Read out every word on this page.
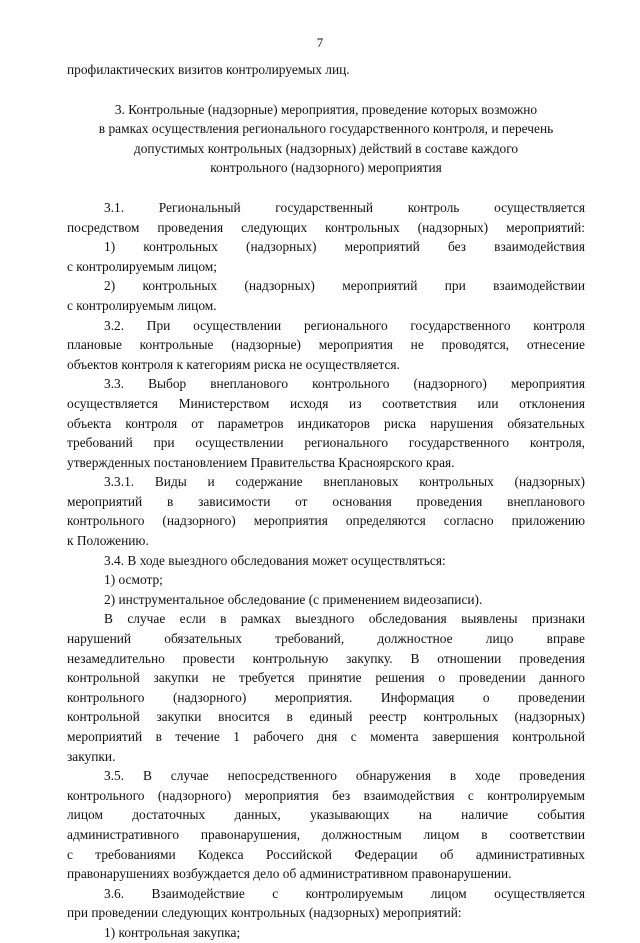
7

профилактических визитов контролируемых лиц.

3. Контрольные (надзорные) мероприятия, проведение которых возможно

в рамках осуществления регионального государственного контроля, и перечень

допустимых контрольных (надзорных) действий в составе каждого

контрольного (надзорного) мероприятия

3.1. Региональный государственный контроль осуществляется

посредством проведения следующих контрольных (надзорных) мероприятий:

1) контрольных (надзорных) мероприятий без взаимодействия

с контролируемым лицом;

2) контрольных (надзорных) мероприятий при взаимодействии

с контролируемым лицом.

3.2. При осуществлении регионального государственного контроля

плановые контрольные (надзорные) мероприятия не проводятся, отнесение

объектов контроля к категориям риска не осуществляется.

3.3. Выбор внепланового контрольного (надзорного) мероприятия

осуществляется Министерством исходя из соответствия или отклонения

объекта контроля от параметров индикаторов риска нарушения обязательных

требований при осуществлении регионального государственного контроля,

утвержденных постановлением Правительства Красноярского края.

3.3.1. Виды и содержание внеплановых контрольных (надзорных)

мероприятий в зависимости от основания проведения внепланового

контрольного (надзорного) мероприятия определяются согласно приложению

к Положению.

3.4. В ходе выездного обследования может осуществляться:

1) осмотр;

2) инструментальное обследование (с применением видеозаписи).

В случае если в рамках выездного обследования выявлены признаки

нарушений обязательных требований, должностное лицо вправе

незамедлительно провести контрольную закупку. В отношении проведения

контрольной закупки не требуется принятие решения о проведении данного

контрольного (надзорного) мероприятия. Информация о проведении

контрольной закупки вносится в единый реестр контрольных (надзорных)

мероприятий в течение 1 рабочего дня с момента завершения контрольной

закупки.

3.5. В случае непосредственного обнаружения в ходе проведения

контрольного (надзорного) мероприятия без взаимодействия с контролируемым

лицом достаточных данных, указывающих на наличие события

административного правонарушения, должностным лицом в соответствии

с требованиями Кодекса Российской Федерации об административных

правонарушениях возбуждается дело об административном правонарушении.

3.6. Взаимодействие с контролируемым лицом осуществляется

при проведении следующих контрольных (надзорных) мероприятий:

1) контрольная закупка;
